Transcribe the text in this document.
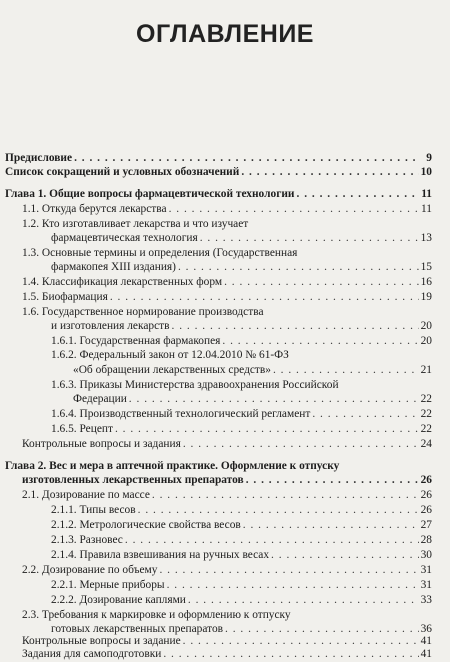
ОГЛАВЛЕНИЕ
Предисловие . . .	9
Список сокращений и условных обозначений . . .	10
Глава 1. Общие вопросы фармацевтической технологии . . .	11
1.1. Откуда берутся лекарства . . .	11
1.2. Кто изготавливает лекарства и что изучает
фармацевтическая технология . . .	13
1.3. Основные термины и определения (Государственная
фармакопея XIII издания) . . .	15
1.4. Классификация лекарственных форм . . .	16
1.5. Биофармация . . .	19
1.6. Государственное нормирование производства
и изготовления лекарств . . .	20
1.6.1. Государственная фармакопея . . .	20
1.6.2. Федеральный закон от 12.04.2010 № 61-ФЗ
«Об обращении лекарственных средств» . . .	21
1.6.3. Приказы Министерства здравоохранения Российской
Федерации . . .	22
1.6.4. Производственный технологический регламент . . .	22
1.6.5. Рецепт . . .	22
Контрольные вопросы и задания . . .	24
Глава 2. Вес и мера в аптечной практике. Оформление к отпуску
изготовленных лекарственных препаратов . . .	26
2.1. Дозирование по массе . . .	26
2.1.1. Типы весов . . .	26
2.1.2. Метрологические свойства весов . . .	27
2.1.3. Разновес . . .	28
2.1.4. Правила взвешивания на ручных весах . . .	30
2.2. Дозирование по объему . . .	31
2.2.1. Мерные приборы . . .	31
2.2.2. Дозирование каплями . . .	33
2.3. Требования к маркировке и оформлению к отпуску
готовых лекарственных препаратов . . .	36
Контрольные вопросы и задание . . .	41
Задания для самоподготовки . . .	41
